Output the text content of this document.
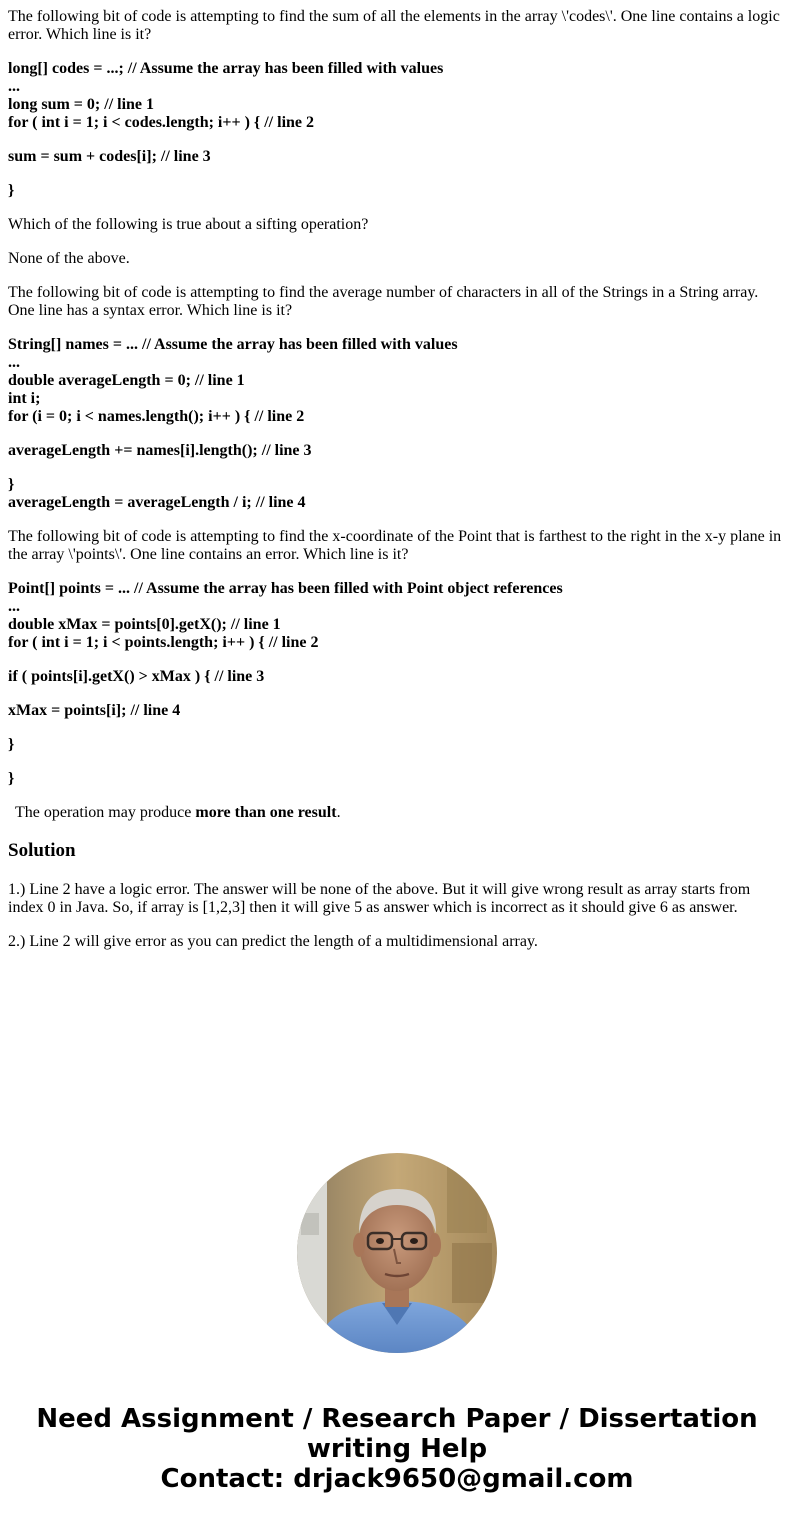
The following bit of code is attempting to find the sum of all the elements in the array \'codes\'. One line contains a logic error. Which line is it?

long[] codes = ...; // Assume the array has been filled with values
...
long sum = 0; // line 1
for ( int i = 1; i < codes.length; i++ ) { // line 2
sum = sum + codes[i]; // line 3
}

Which of the following is true about a sifting operation?

None of the above.

The following bit of code is attempting to find the average number of characters in all of the Strings in a String array. One line has a syntax error. Which line is it?

String[] names = ... // Assume the array has been filled with values
...
double averageLength = 0; // line 1
int i;
for (i = 0; i < names.length(); i++ ) { // line 2
averageLength += names[i].length(); // line 3
}
averageLength = averageLength / i; // line 4

The following bit of code is attempting to find the x-coordinate of the Point that is farthest to the right in the x-y plane in the array \'points\'. One line contains an error. Which line is it?

Point[] points = ... // Assume the array has been filled with Point object references
...
double xMax = points[0].getX(); // line 1
for ( int i = 1; i < points.length; i++ ) { // line 2
if ( points[i].getX() > xMax ) { // line 3
xMax = points[i]; // line 4
}
}

The operation may produce more than one result.

Solution

1.) Line 2 have a logic error. The answer will be none of the above. But it will give wrong result as array starts from index 0 in Java. So, if array is [1,2,3] then it will give 5 as answer which is incorrect as it should give 6 as answer.

2.) Line 2 will give error as you can predict the length of a multidimensional array.

Need Assignment / Research Paper / Dissertation
writing Help
Contact: drjack9650@gmail.com
